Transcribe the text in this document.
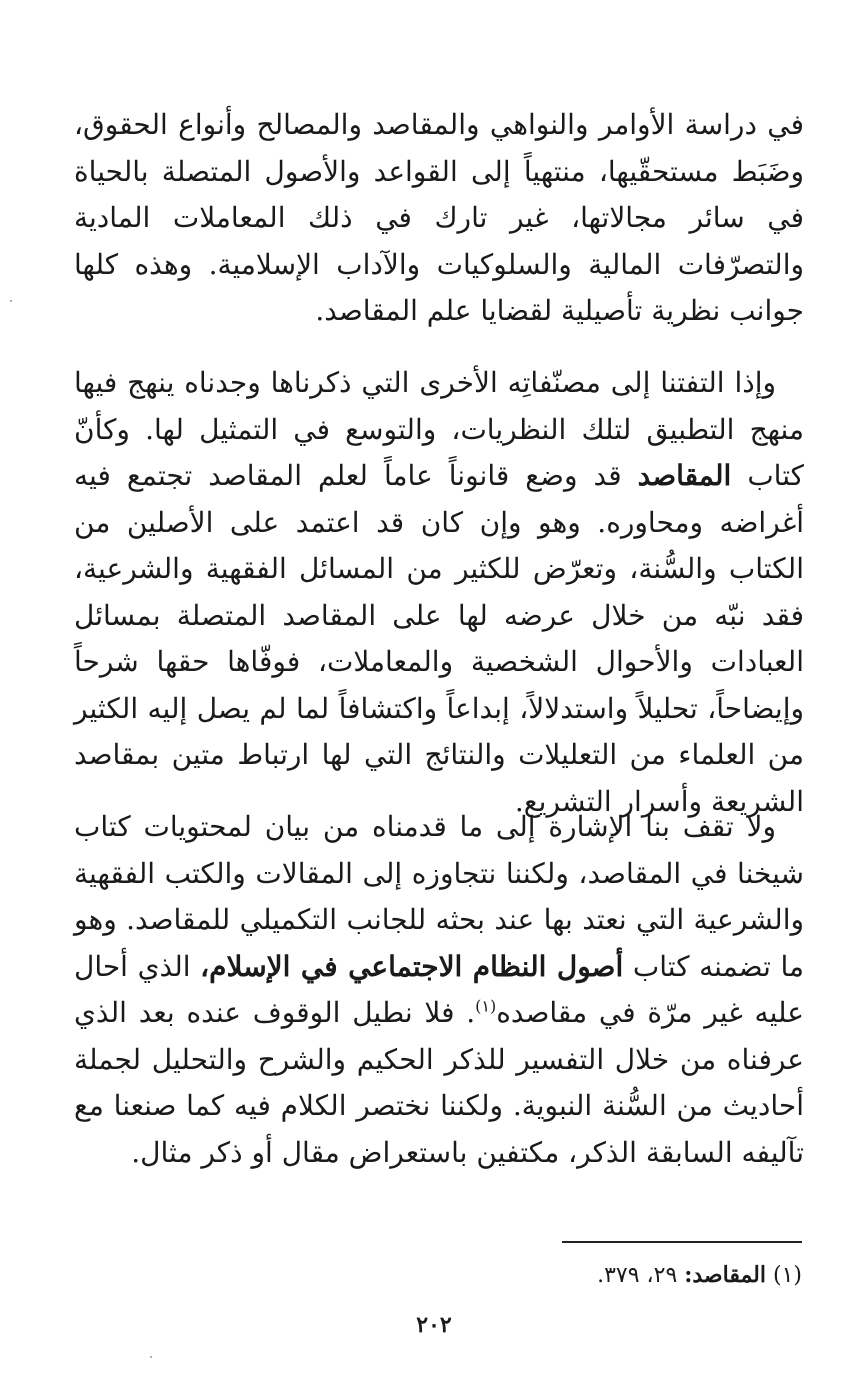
في دراسة الأوامر والنواهي والمقاصد والمصالح وأنواع الحقوق، وضَبَط مستحقّيها، منتهياً إلى القواعد والأصول المتصلة بالحياة في سائر مجالاتها، غير تارك في ذلك المعاملات المادية والتصرّفات المالية والسلوكيات والآداب الإسلامية. وهذه كلها جوانب نظرية تأصيلية لقضايا علم المقاصد.

وإذا التفتنا إلى مصنّفاتِه الأخرى التي ذكرناها وجدناه ينهج فيها منهج التطبيق لتلك النظريات، والتوسع في التمثيل لها. وكأنّ كتاب المقاصد قد وضع قانوناً عاماً لعلم المقاصد تجتمع فيه أغراضه ومحاوره. وهو وإن كان قد اعتمد على الأصلين من الكتاب والسُّنة، وتعرّض للكثير من المسائل الفقهية والشرعية، فقد نبّه من خلال عرضه لها على المقاصد المتصلة بمسائل العبادات والأحوال الشخصية والمعاملات، فوفّاها حقها شرحاً وإيضاحاً، تحليلاً واستدلالاً، إبداعاً واكتشافاً لما لم يصل إليه الكثير من العلماء من التعليلات والنتائج التي لها ارتباط متين بمقاصد الشريعة وأسرار التشريع.

ولا تقف بنا الإشارة إلى ما قدمناه من بيان لمحتويات كتاب شيخنا في المقاصد، ولكننا نتجاوزه إلى المقالات والكتب الفقهية والشرعية التي نعتد بها عند بحثه للجانب التكميلي للمقاصد. وهو ما تضمنه كتاب أصول النظام الاجتماعي في الإسلام، الذي أحال عليه غير مرّة في مقاصده$^{(١)}$. فلا نطيل الوقوف عنده بعد الذي عرفناه من خلال التفسير للذكر الحكيم والشرح والتحليل لجملة أحاديث من السُّنة النبوية. ولكننا نختصر الكلام فيه كما صنعنا مع تآليفه السابقة الذكر، مكتفين باستعراض مقال أو ذكر مثال.

(١) المقاصد: ٢٩، ٣٧٩.
٢٠٢
